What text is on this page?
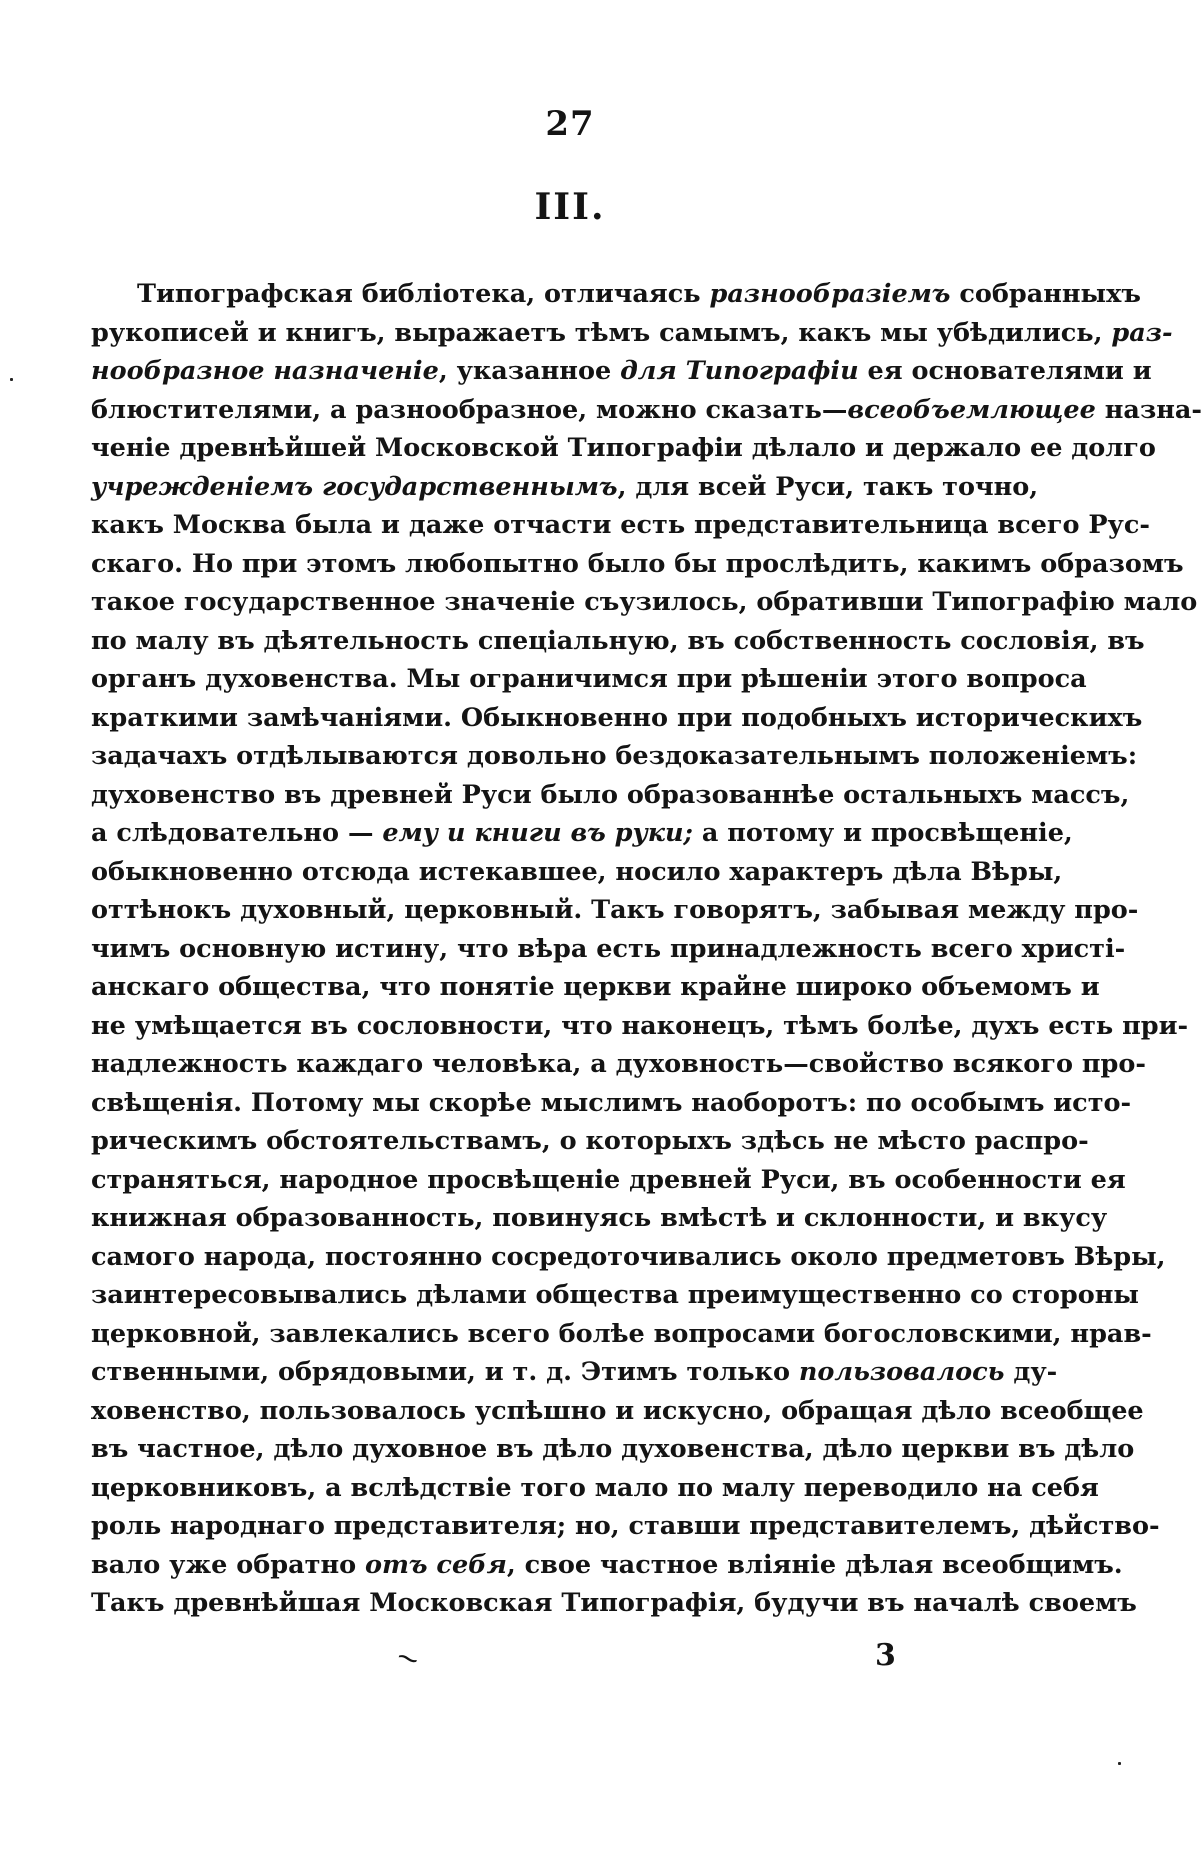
27
III.
Типографская библіотека, отличаясь разнообразіемъ собранныхъ
рукописей и книгъ, выражаетъ тѣмъ самымъ, какъ мы убѣдились, раз-
нообразное назначеніе, указанное для Типографіи ея основателями и
блюстителями, а разнообразное, можно сказать—всеобъемлющее назна-
ченіе древнѣйшей Московской Типографіи дѣлало и держало ее долго
учрежденіемъ государственнымъ, для всей Руси, такъ точно,
какъ Москва была и даже отчасти есть представительница всего Рус-
скаго. Но при этомъ любопытно было бы прослѣдить, какимъ образомъ
такое государственное значеніе съузилось, обративши Типографію мало
по малу въ дѣятельность спеціальную, въ собственность сословія, въ
органъ духовенства. Мы ограничимся при рѣшеніи этого вопроса
краткими замѣчаніями. Обыкновенно при подобныхъ историческихъ
задачахъ отдѣлываются довольно бездоказательнымъ положеніемъ:
духовенство въ древней Руси было образованнѣе остальныхъ массъ,
а слѣдовательно — ему и книги въ руки; а потому и просвѣщеніе,
обыкновенно отсюда истекавшее, носило характеръ дѣла Вѣры,
оттѣнокъ духовный, церковный. Такъ говорятъ, забывая между про-
чимъ основную истину, что вѣра есть принадлежность всего христі-
анскаго общества, что понятіе церкви крайне широко объемомъ и
не умѣщается въ сословности, что наконецъ, тѣмъ болѣе, духъ есть при-
надлежность каждаго человѣка, а духовность—свойство всякого про-
свѣщенія. Потому мы скорѣе мыслимъ наоборотъ: по особымъ исто-
рическимъ обстоятельствамъ, о которыхъ здѣсь не мѣсто распро-
страняться, народное просвѣщеніе древней Руси, въ особенности ея
книжная образованность, повинуясь вмѣстѣ и склонности, и вкусу
самого народа, постоянно сосредоточивались около предметовъ Вѣры,
заинтересовывались дѣлами общества преимущественно со стороны
церковной, завлекались всего болѣе вопросами богословскими, нрав-
ственными, обрядовыми, и т. д. Этимъ только пользовалось ду-
ховенство, пользовалось успѣшно и искусно, обращая дѣло всеобщее
въ частное, дѣло духовное въ дѣло духовенства, дѣло церкви въ дѣло
церковниковъ, а вслѣдствіе того мало по малу переводило на себя
роль народнаго представителя; но, ставши представителемъ, дѣйство-
вало уже обратно отъ себя, свое частное вліяніе дѣлая всеобщимъ.
Такъ древнѣйшая Московская Типографія, будучи въ началѣ своемъ
⁓	3
